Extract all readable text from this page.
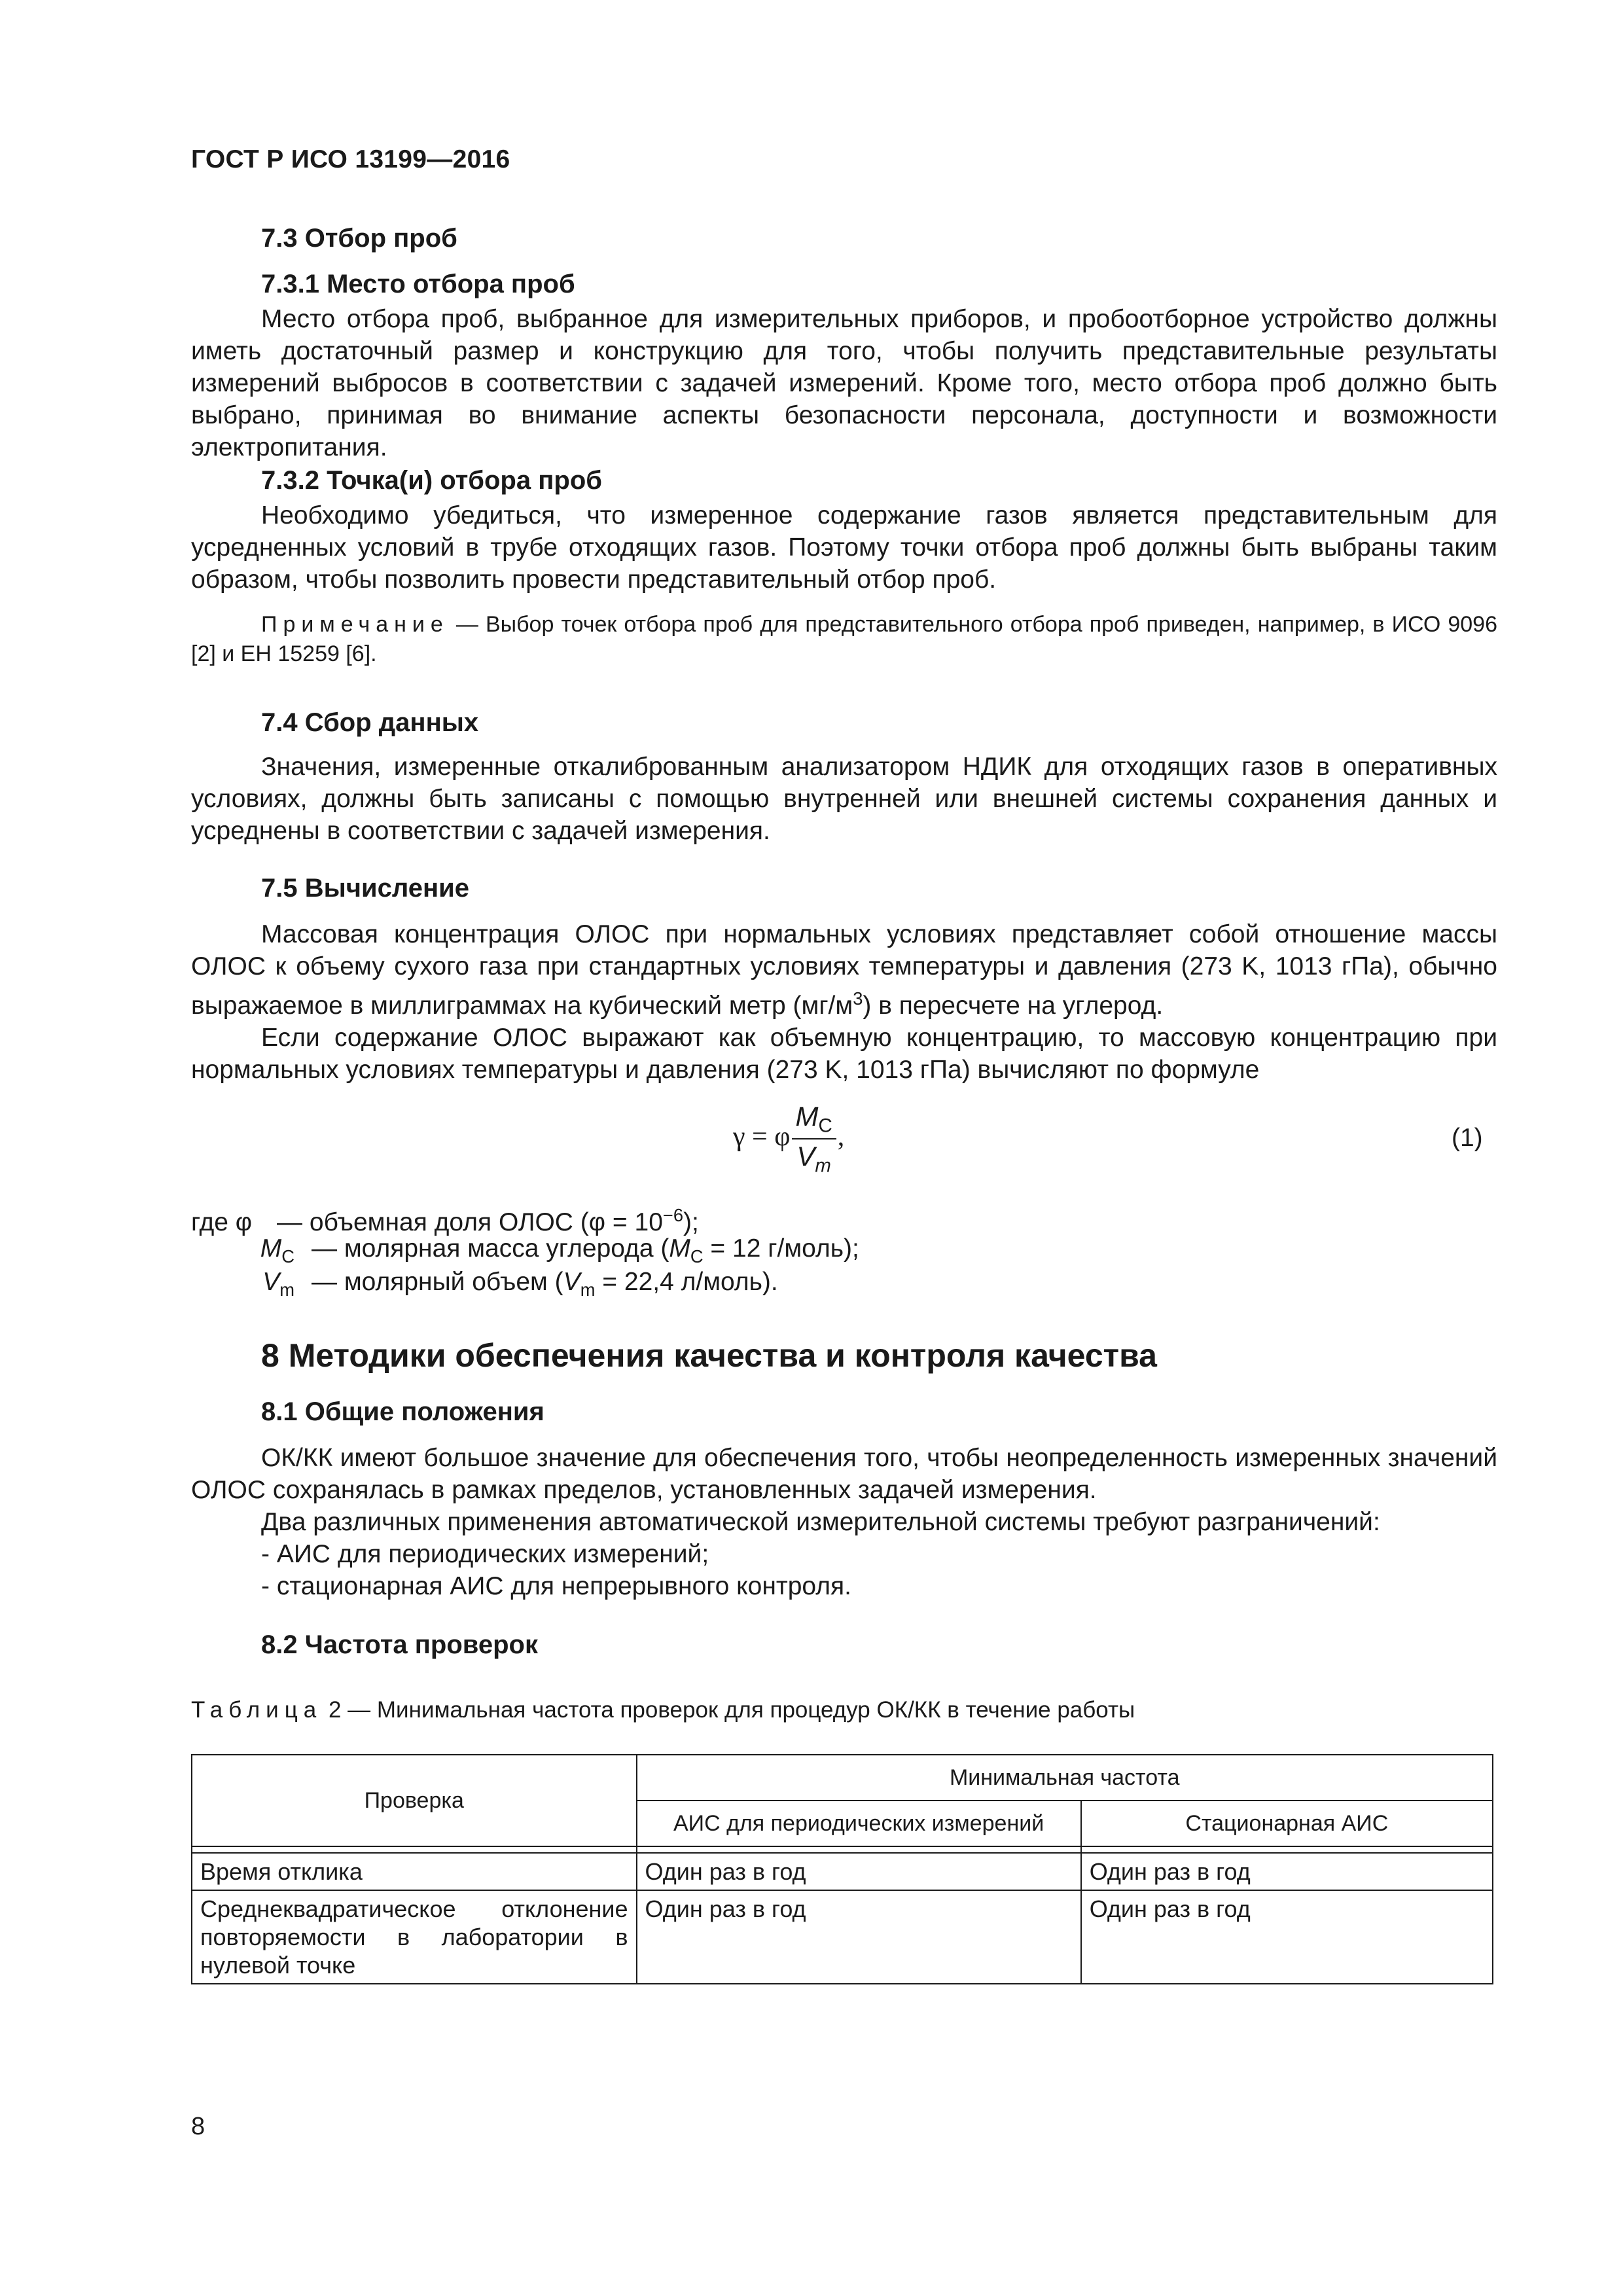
ГОСТ Р ИСО 13199—2016
7.3 Отбор проб
7.3.1 Место отбора проб

Место отбора проб, выбранное для измерительных приборов, и пробоотборное устройство должны иметь достаточный размер и конструкцию для того, чтобы получить представительные результаты измерений выбросов в соответствии с задачей измерений. Кроме того, место отбора проб должно быть выбрано, принимая во внимание аспекты безопасности персонала, доступности и возможности электропитания.

7.3.2 Точка(и) отбора проб

Необходимо убедиться, что измеренное содержание газов является представительным для усредненных условий в трубе отходящих газов. Поэтому точки отбора проб должны быть выбраны таким образом, чтобы позволить провести представительный отбор проб.

Примечание — Выбор точек отбора проб для представительного отбора проб приведен, например, в ИСО 9096 [2] и ЕН 15259 [6].

7.4 Сбор данных

Значения, измеренные откалиброванным анализатором НДИК для отходящих газов в оперативных условиях, должны быть записаны с помощью внутренней или внешней системы сохранения данных и усреднены в соответствии с задачей измерения.

7.5 Вычисление

Массовая концентрация ОЛОС при нормальных условиях представляет собой отношение массы ОЛОС к объему сухого газа при стандартных условиях температуры и давления (273 K, 1013 гПа), обычно выражаемое в миллиграммах на кубический метр $(мг/м^3)$ в пересчете на углерод.

Если содержание ОЛОС выражают как объемную концентрацию, то массовую концентрацию при нормальных условиях температуры и давления (273 K, 1013 гПа) вычисляют по формуле

γ = φ $\frac{M_C}{V_m}$ ,	(1)
где φ — объемная доля ОЛОС $(\varphi = 10^{-6})$;
$M_C$ — молярная масса углерода ($M_C = 12$ г/моль);
$V_m$ — молярный объем ($V_m = 22,4$ л/моль).
8 Методики обеспечения качества и контроля качества
8.1 Общие положения

ОК/КК имеют большое значение для обеспечения того, чтобы неопределенность измеренных значений ОЛОС сохранялась в рамках пределов, установленных задачей измерения.

Два различных применения автоматической измерительной системы требуют разграничений:

- АИС для периодических измерений;

- стационарная АИС для непрерывного контроля.

8.2 Частота проверок
Таблица 2 — Минимальная частота проверок для процедур ОК/КК в течение работы
Проверка	Минимальная частота	
	АИС для периодических измерений	Стационарная АИС

Время отклика	Один раз в год	Один раз в год
Среднеквадратическое отклонение повторяемости в лаборатории в нулевой точке	Один раз в год	Один раз в год
8
